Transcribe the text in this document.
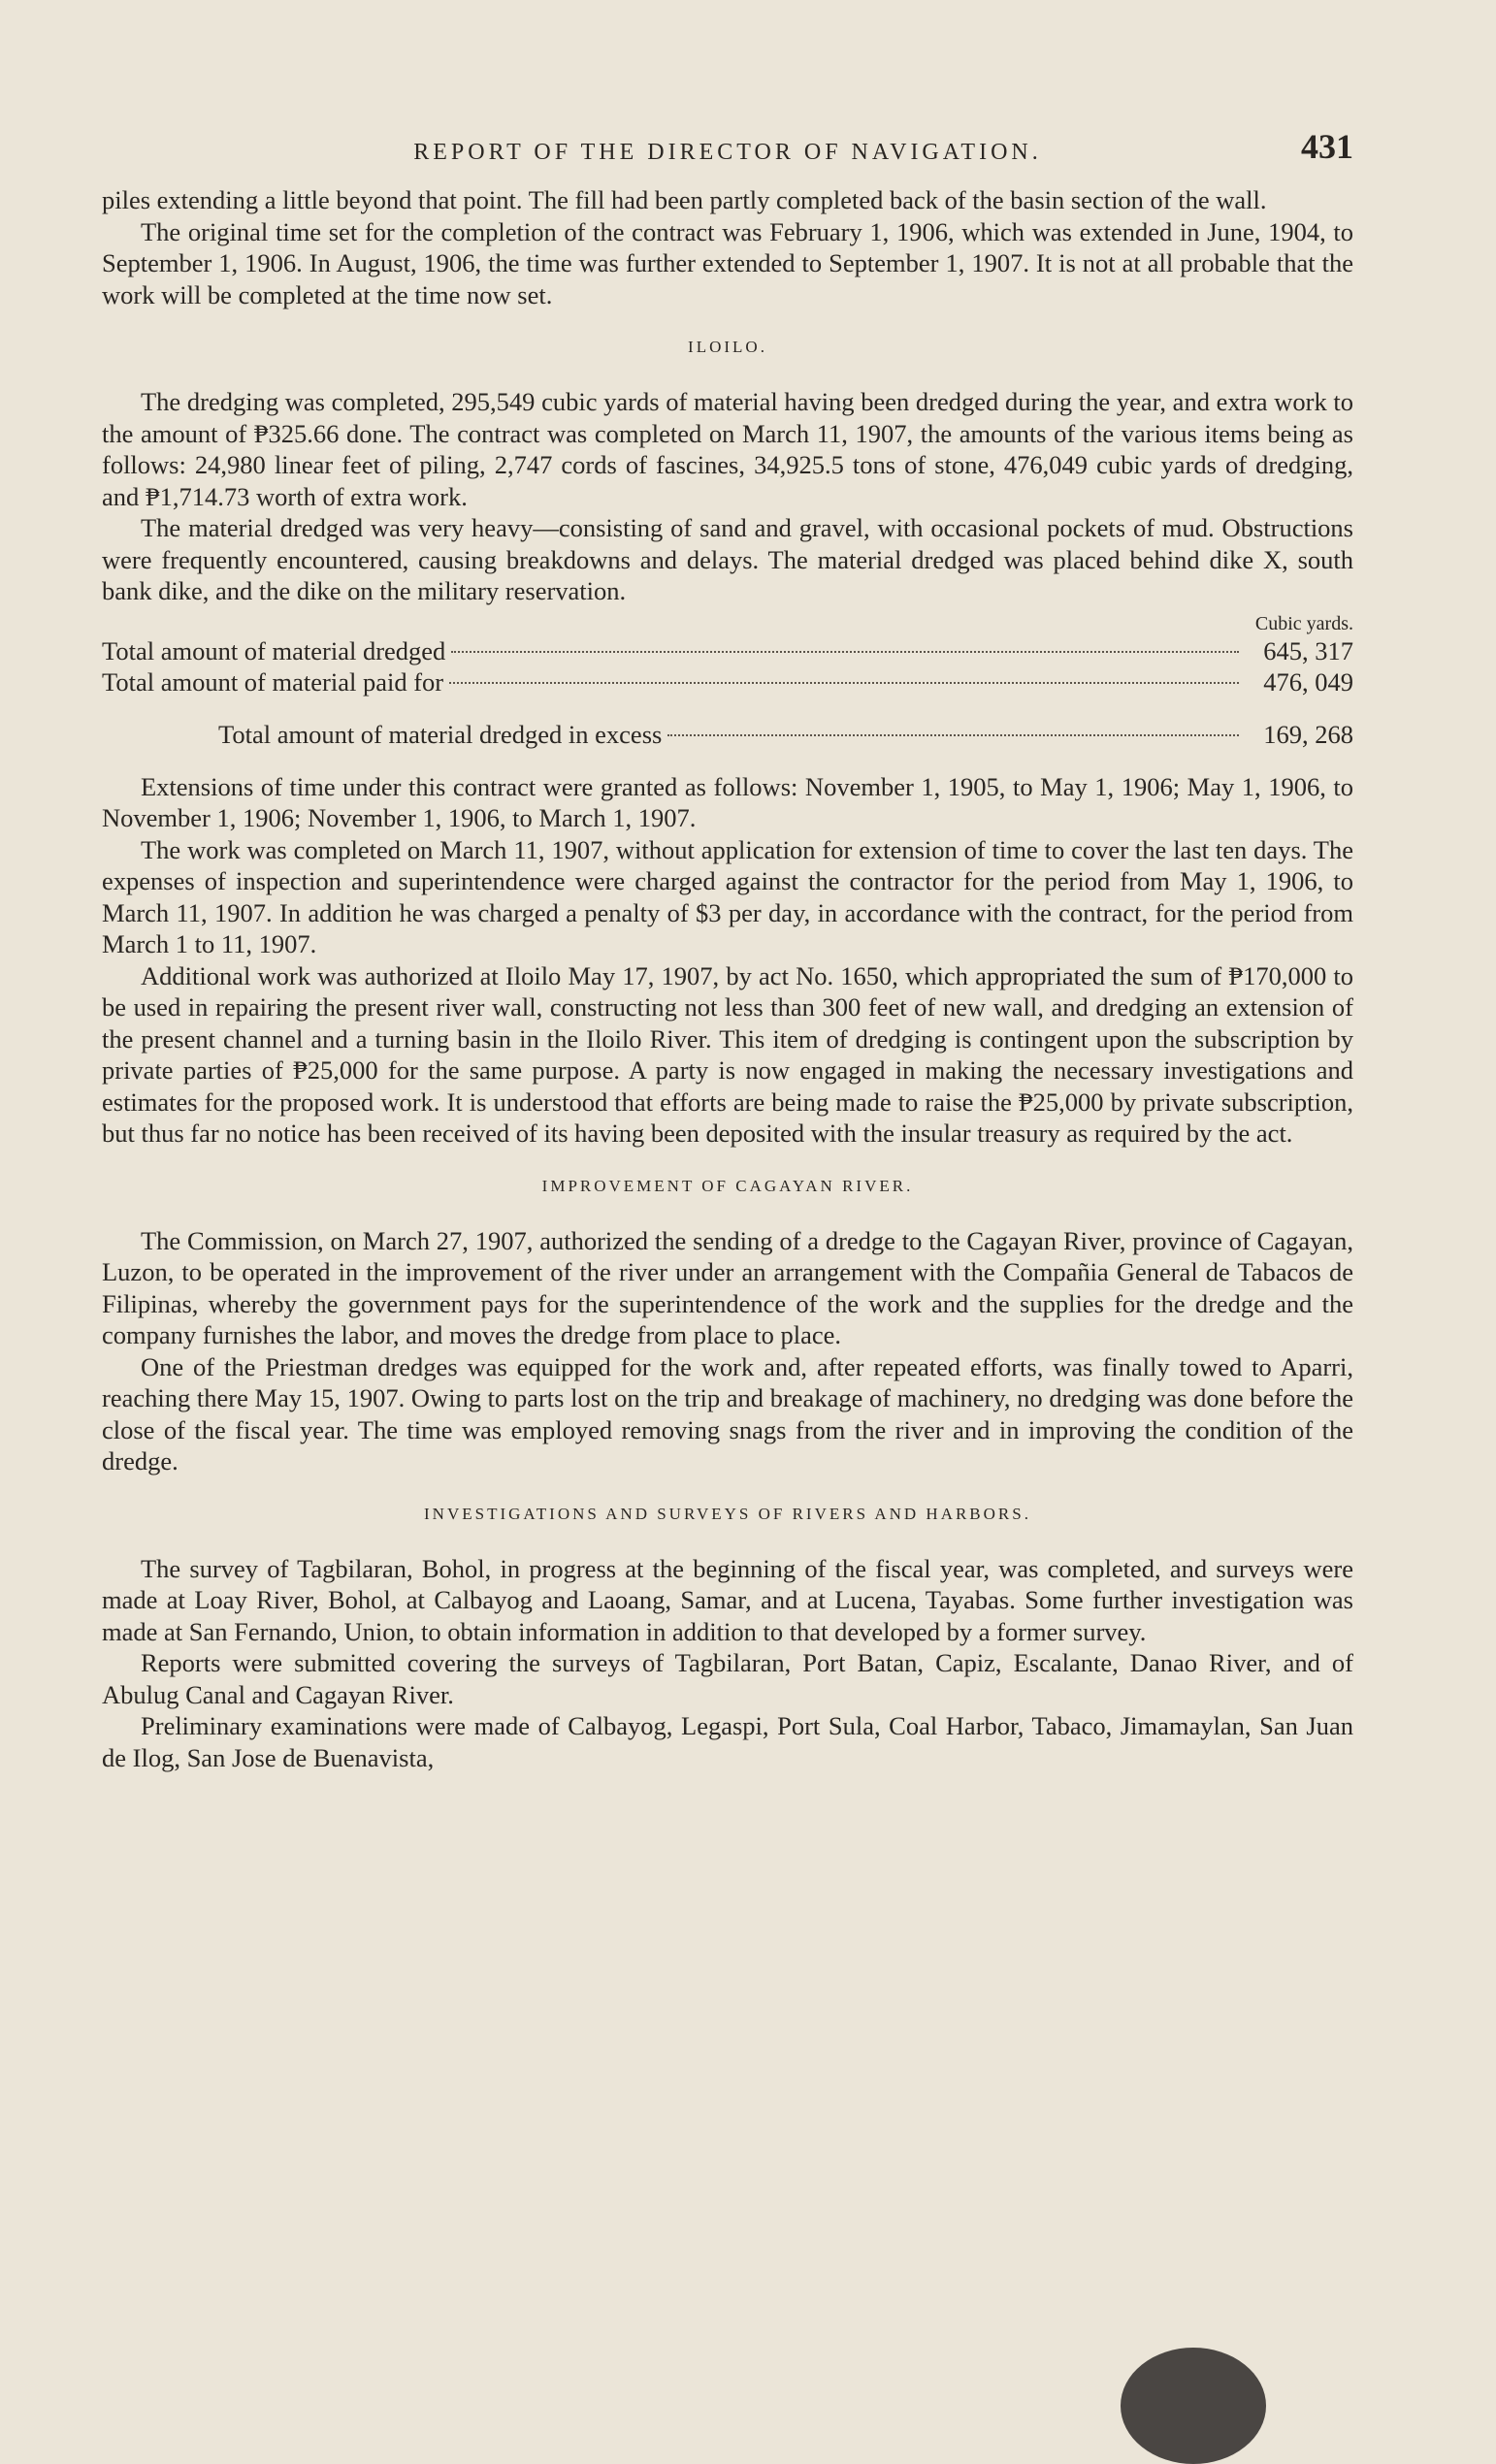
REPORT OF THE DIRECTOR OF NAVIGATION.	431

piles extending a little beyond that point. The fill had been partly completed back of the basin section of the wall.

The original time set for the completion of the contract was February 1, 1906, which was extended in June, 1904, to September 1, 1906. In August, 1906, the time was further extended to September 1, 1907. It is not at all probable that the work will be completed at the time now set.

ILOILO.

The dredging was completed, 295,549 cubic yards of material having been dredged during the year, and extra work to the amount of ₱325.66 done. The contract was completed on March 11, 1907, the amounts of the various items being as follows: 24,980 linear feet of piling, 2,747 cords of fascines, 34,925.5 tons of stone, 476,049 cubic yards of dredging, and ₱1,714.73 worth of extra work.

The material dredged was very heavy—consisting of sand and gravel, with occasional pockets of mud. Obstructions were frequently encountered, causing breakdowns and delays. The material dredged was placed behind dike X, south bank dike, and the dike on the military reservation.

Cubic yards.
Total amount of material dredged	645, 317
Total amount of material paid for	476, 049
Total amount of material dredged in excess	169, 268

Extensions of time under this contract were granted as follows: November 1, 1905, to May 1, 1906; May 1, 1906, to November 1, 1906; November 1, 1906, to March 1, 1907.

The work was completed on March 11, 1907, without application for extension of time to cover the last ten days. The expenses of inspection and superintendence were charged against the contractor for the period from May 1, 1906, to March 11, 1907. In addition he was charged a penalty of $3 per day, in accordance with the contract, for the period from March 1 to 11, 1907.

Additional work was authorized at Iloilo May 17, 1907, by act No. 1650, which appropriated the sum of ₱170,000 to be used in repairing the present river wall, constructing not less than 300 feet of new wall, and dredging an extension of the present channel and a turning basin in the Iloilo River. This item of dredging is contingent upon the subscription by private parties of ₱25,000 for the same purpose. A party is now engaged in making the necessary investigations and estimates for the proposed work. It is understood that efforts are being made to raise the ₱25,000 by private subscription, but thus far no notice has been received of its having been deposited with the insular treasury as required by the act.

IMPROVEMENT OF CAGAYAN RIVER.

The Commission, on March 27, 1907, authorized the sending of a dredge to the Cagayan River, province of Cagayan, Luzon, to be operated in the improvement of the river under an arrangement with the Compañia General de Tabacos de Filipinas, whereby the government pays for the superintendence of the work and the supplies for the dredge and the company furnishes the labor, and moves the dredge from place to place.

One of the Priestman dredges was equipped for the work and, after repeated efforts, was finally towed to Aparri, reaching there May 15, 1907. Owing to parts lost on the trip and breakage of machinery, no dredging was done before the close of the fiscal year. The time was employed removing snags from the river and in improving the condition of the dredge.

INVESTIGATIONS AND SURVEYS OF RIVERS AND HARBORS.

The survey of Tagbilaran, Bohol, in progress at the beginning of the fiscal year, was completed, and surveys were made at Loay River, Bohol, at Calbayog and Laoang, Samar, and at Lucena, Tayabas. Some further investigation was made at San Fernando, Union, to obtain information in addition to that developed by a former survey.

Reports were submitted covering the surveys of Tagbilaran, Port Batan, Capiz, Escalante, Danao River, and of Abulug Canal and Cagayan River.

Preliminary examinations were made of Calbayog, Legaspi, Port Sula, Coal Harbor, Tabaco, Jimamaylan, San Juan de Ilog, San Jose de Buenavista,
